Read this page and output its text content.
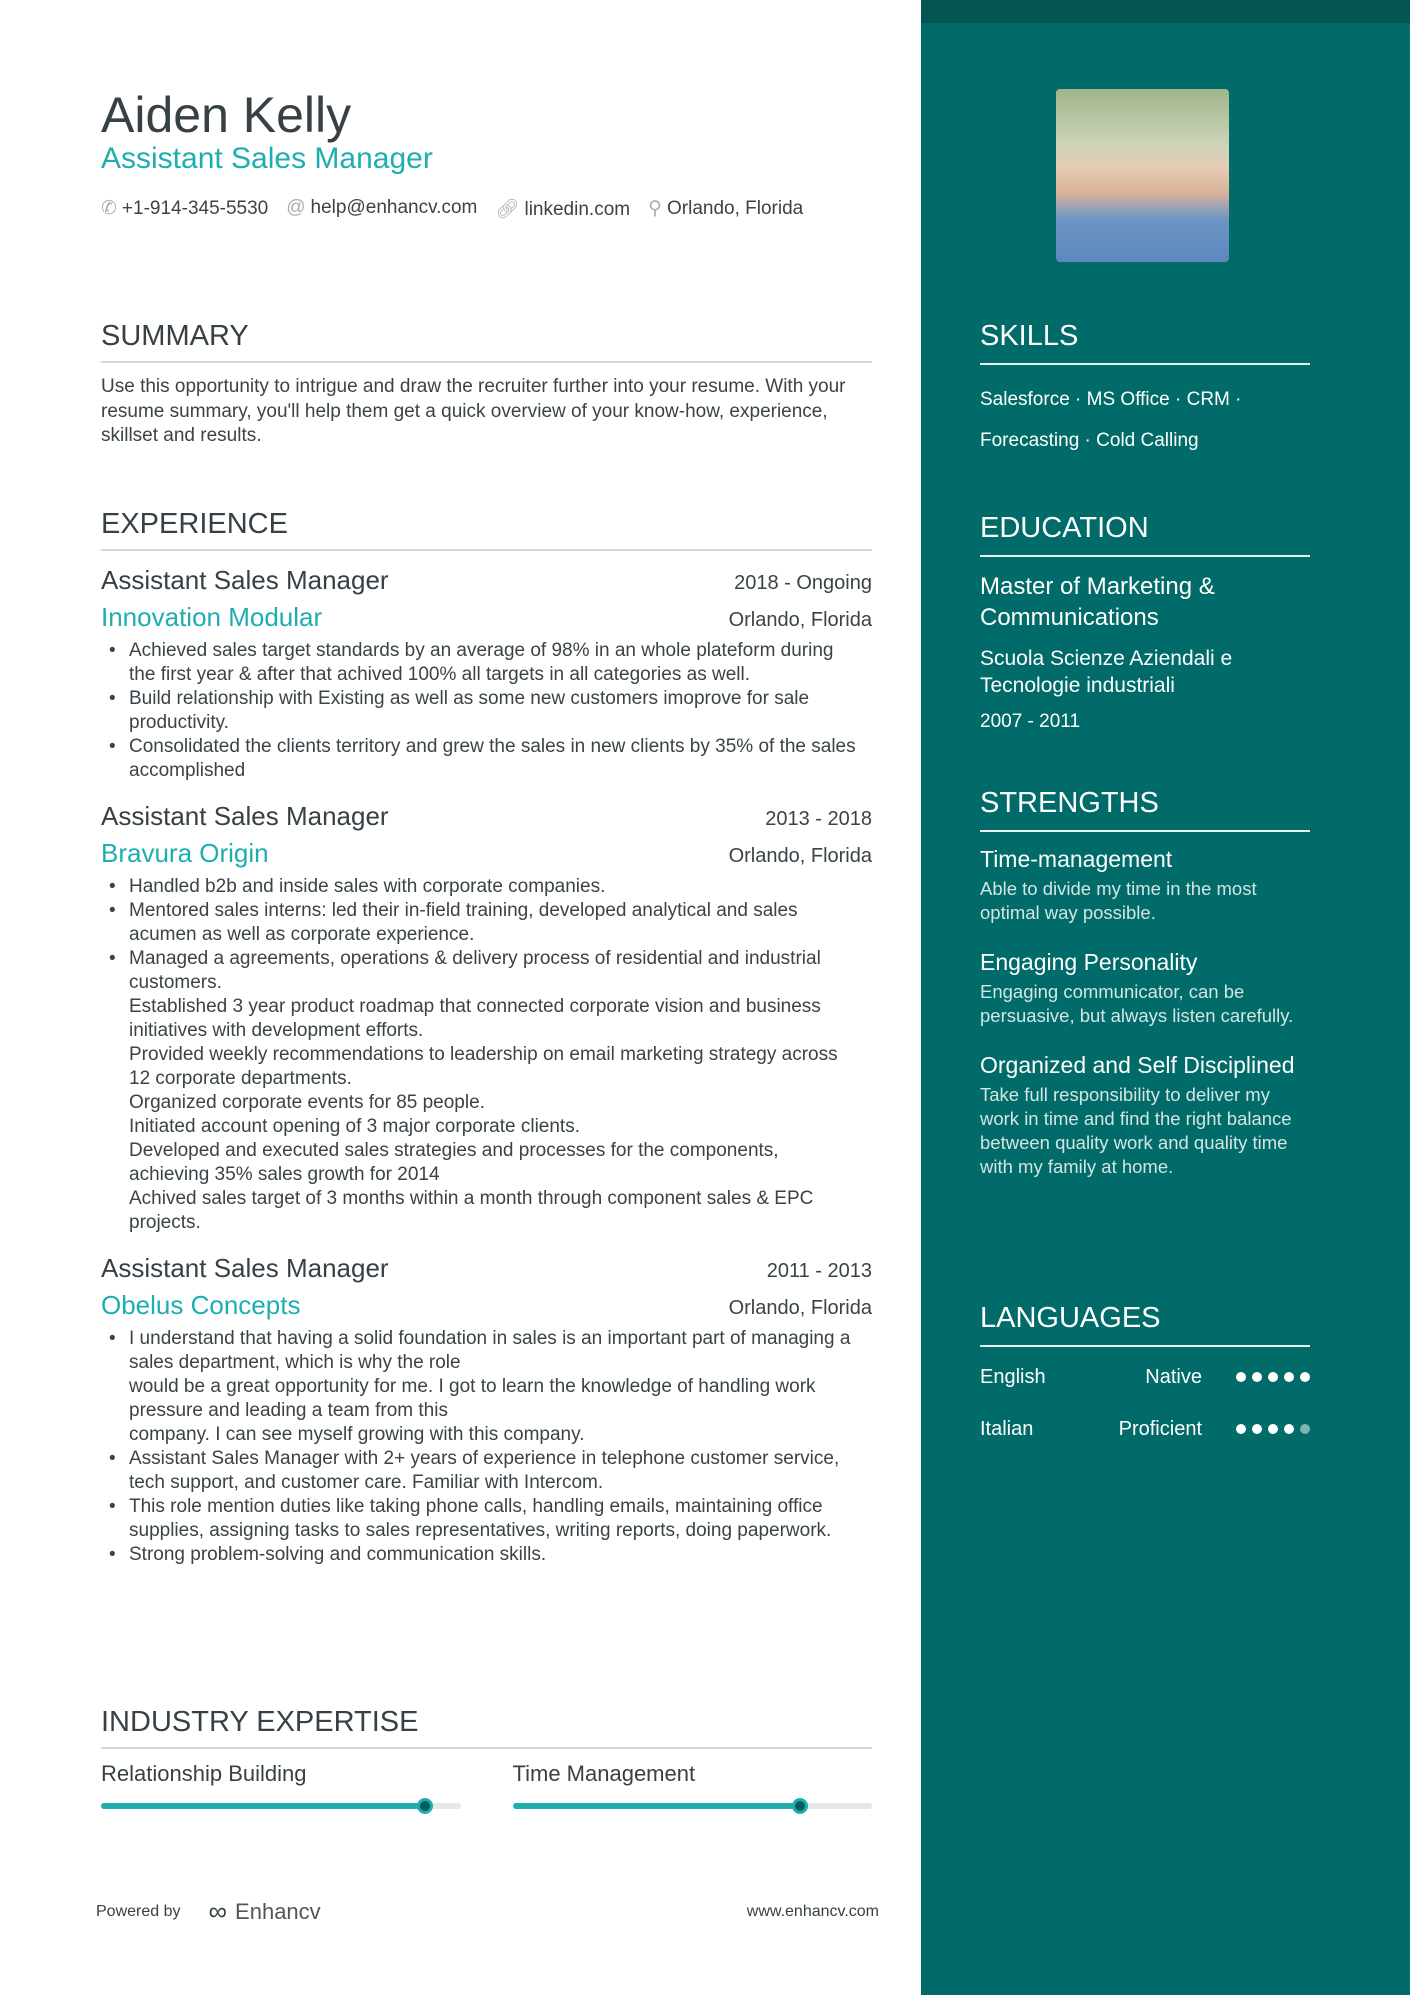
Aiden Kelly
Assistant Sales Manager
✆ +1-914-345-5530 @ help@enhancv.com 🔗︎ linkedin.com ⚲ Orlando, Florida
SUMMARY

Use this opportunity to intrigue and draw the recruiter further into your resume. With your resume summary, you'll help them get a quick overview of your know-how, experience, skillset and results.

EXPERIENCE
Assistant Sales Manager	2018 - Ongoing
Innovation Modular	Orlando, Florida
• Achieved sales target standards by an average of 98% in an whole plateform during the first year & after that achived 100% all targets in all categories as well.
• Build relationship with Existing as well as some new customers imoprove for sale productivity.
• Consolidated the clients territory and grew the sales in new clients by 35% of the sales accomplished
Assistant Sales Manager	2013 - 2018
Bravura Origin	Orlando, Florida
• Handled b2b and inside sales with corporate companies.
• Mentored sales interns: led their in-field training, developed analytical and sales acumen as well as corporate experience.
• Managed a agreements, operations & delivery process of residential and industrial customers.
Established 3 year product roadmap that connected corporate vision and business initiatives with development efforts.
Provided weekly recommendations to leadership on email marketing strategy across 12 corporate departments.
Organized corporate events for 85 people.
Initiated account opening of 3 major corporate clients.
Developed and executed sales strategies and processes for the components, achieving 35% sales growth for 2014
Achived sales target of 3 months within a month through component sales & EPC projects.
Assistant Sales Manager	2011 - 2013
Obelus Concepts	Orlando, Florida
• I understand that having a solid foundation in sales is an important part of managing a sales department, which is why the role
would be a great opportunity for me. I got to learn the knowledge of handling work pressure and leading a team from this
company. I can see myself growing with this company.
• Assistant Sales Manager with 2+ years of experience in telephone customer service, tech support, and customer care. Familiar with Intercom.
• This role mention duties like taking phone calls, handling emails, maintaining office supplies, assigning tasks to sales representatives, writing reports, doing paperwork.
• Strong problem-solving and communication skills.
INDUSTRY EXPERTISE
Relationship Building	Time Management
Powered by ∞ Enhancv	www.enhancv.com
SKILLS
Salesforce · MS Office · CRM ·
Forecasting · Cold Calling
EDUCATION
Master of Marketing & Communications
Scuola Scienze Aziendali e Tecnologie industriali
2007 - 2011
STRENGTHS
Time-management
Able to divide my time in the most optimal way possible.
Engaging Personality
Engaging communicator, can be persuasive, but always listen carefully.
Organized and Self Disciplined
Take full responsibility to deliver my work in time and find the right balance between quality work and quality time with my family at home.
LANGUAGES
English	Native
Italian	Proficient
